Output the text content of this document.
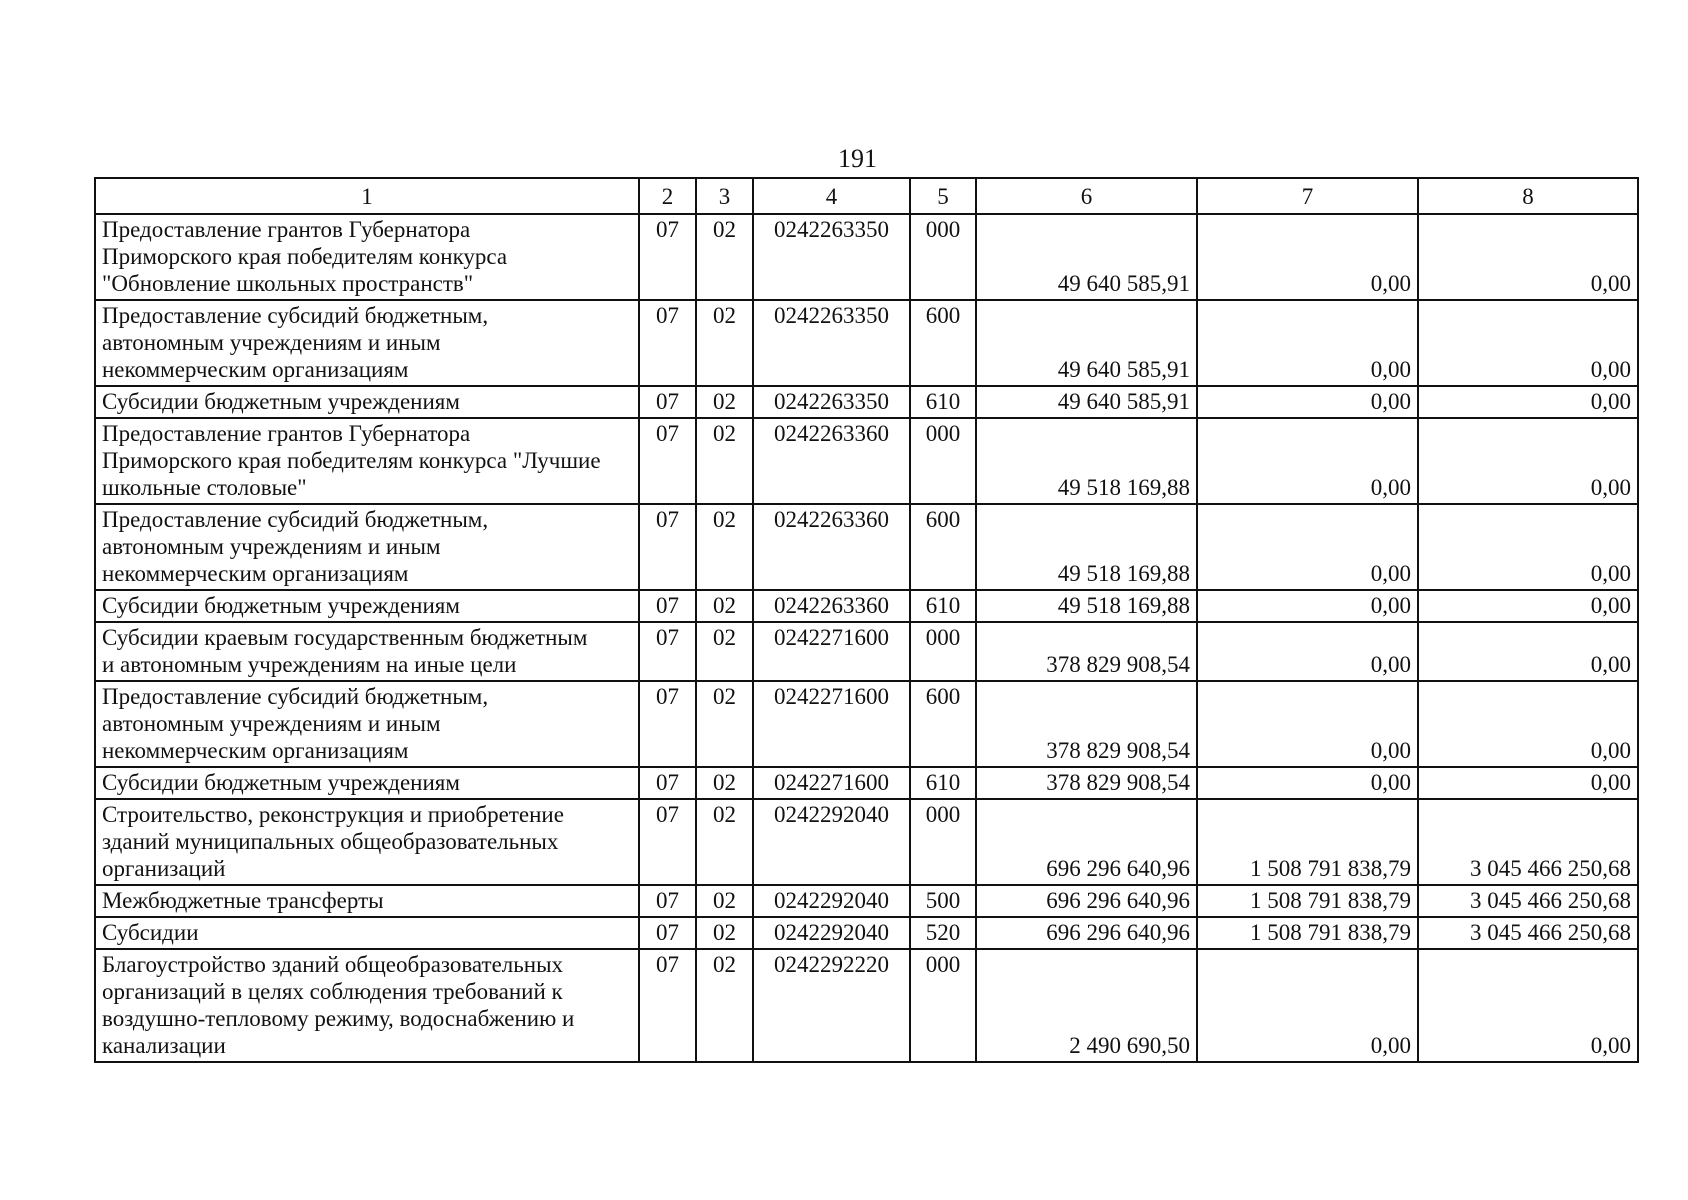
191
1	2	3	4	5	6	7	8

Предоставление грантов Губернатора
Приморского края победителям конкурса
"Обновление школьных пространств"	07	02	0242263350	000	49 640 585,91	0,00	0,00

Предоставление субсидий бюджетным,
автономным учреждениям и иным
некоммерческим организациям	07	02	0242263350	600	49 640 585,91	0,00	0,00

Субсидии бюджетным учреждениям	07	02	0242263350	610	49 640 585,91	0,00	0,00

Предоставление грантов Губернатора
Приморского края победителям конкурса "Лучшие
школьные столовые"	07	02	0242263360	000	49 518 169,88	0,00	0,00

Предоставление субсидий бюджетным,
автономным учреждениям и иным
некоммерческим организациям	07	02	0242263360	600	49 518 169,88	0,00	0,00

Субсидии бюджетным учреждениям	07	02	0242263360	610	49 518 169,88	0,00	0,00

Субсидии краевым государственным бюджетным
и автономным учреждениям на иные цели	07	02	0242271600	000	378 829 908,54	0,00	0,00

Предоставление субсидий бюджетным,
автономным учреждениям и иным
некоммерческим организациям	07	02	0242271600	600	378 829 908,54	0,00	0,00

Субсидии бюджетным учреждениям	07	02	0242271600	610	378 829 908,54	0,00	0,00

Строительство, реконструкция и приобретение
зданий муниципальных общеобразовательных
организаций	07	02	0242292040	000	696 296 640,96	1 508 791 838,79	3 045 466 250,68

Межбюджетные трансферты	07	02	0242292040	500	696 296 640,96	1 508 791 838,79	3 045 466 250,68

Субсидии	07	02	0242292040	520	696 296 640,96	1 508 791 838,79	3 045 466 250,68

Благоустройство зданий общеобразовательных
организаций в целях соблюдения требований к
воздушно-тепловому режиму, водоснабжению и
канализации	07	02	0242292220	000	2 490 690,50	0,00	0,00
